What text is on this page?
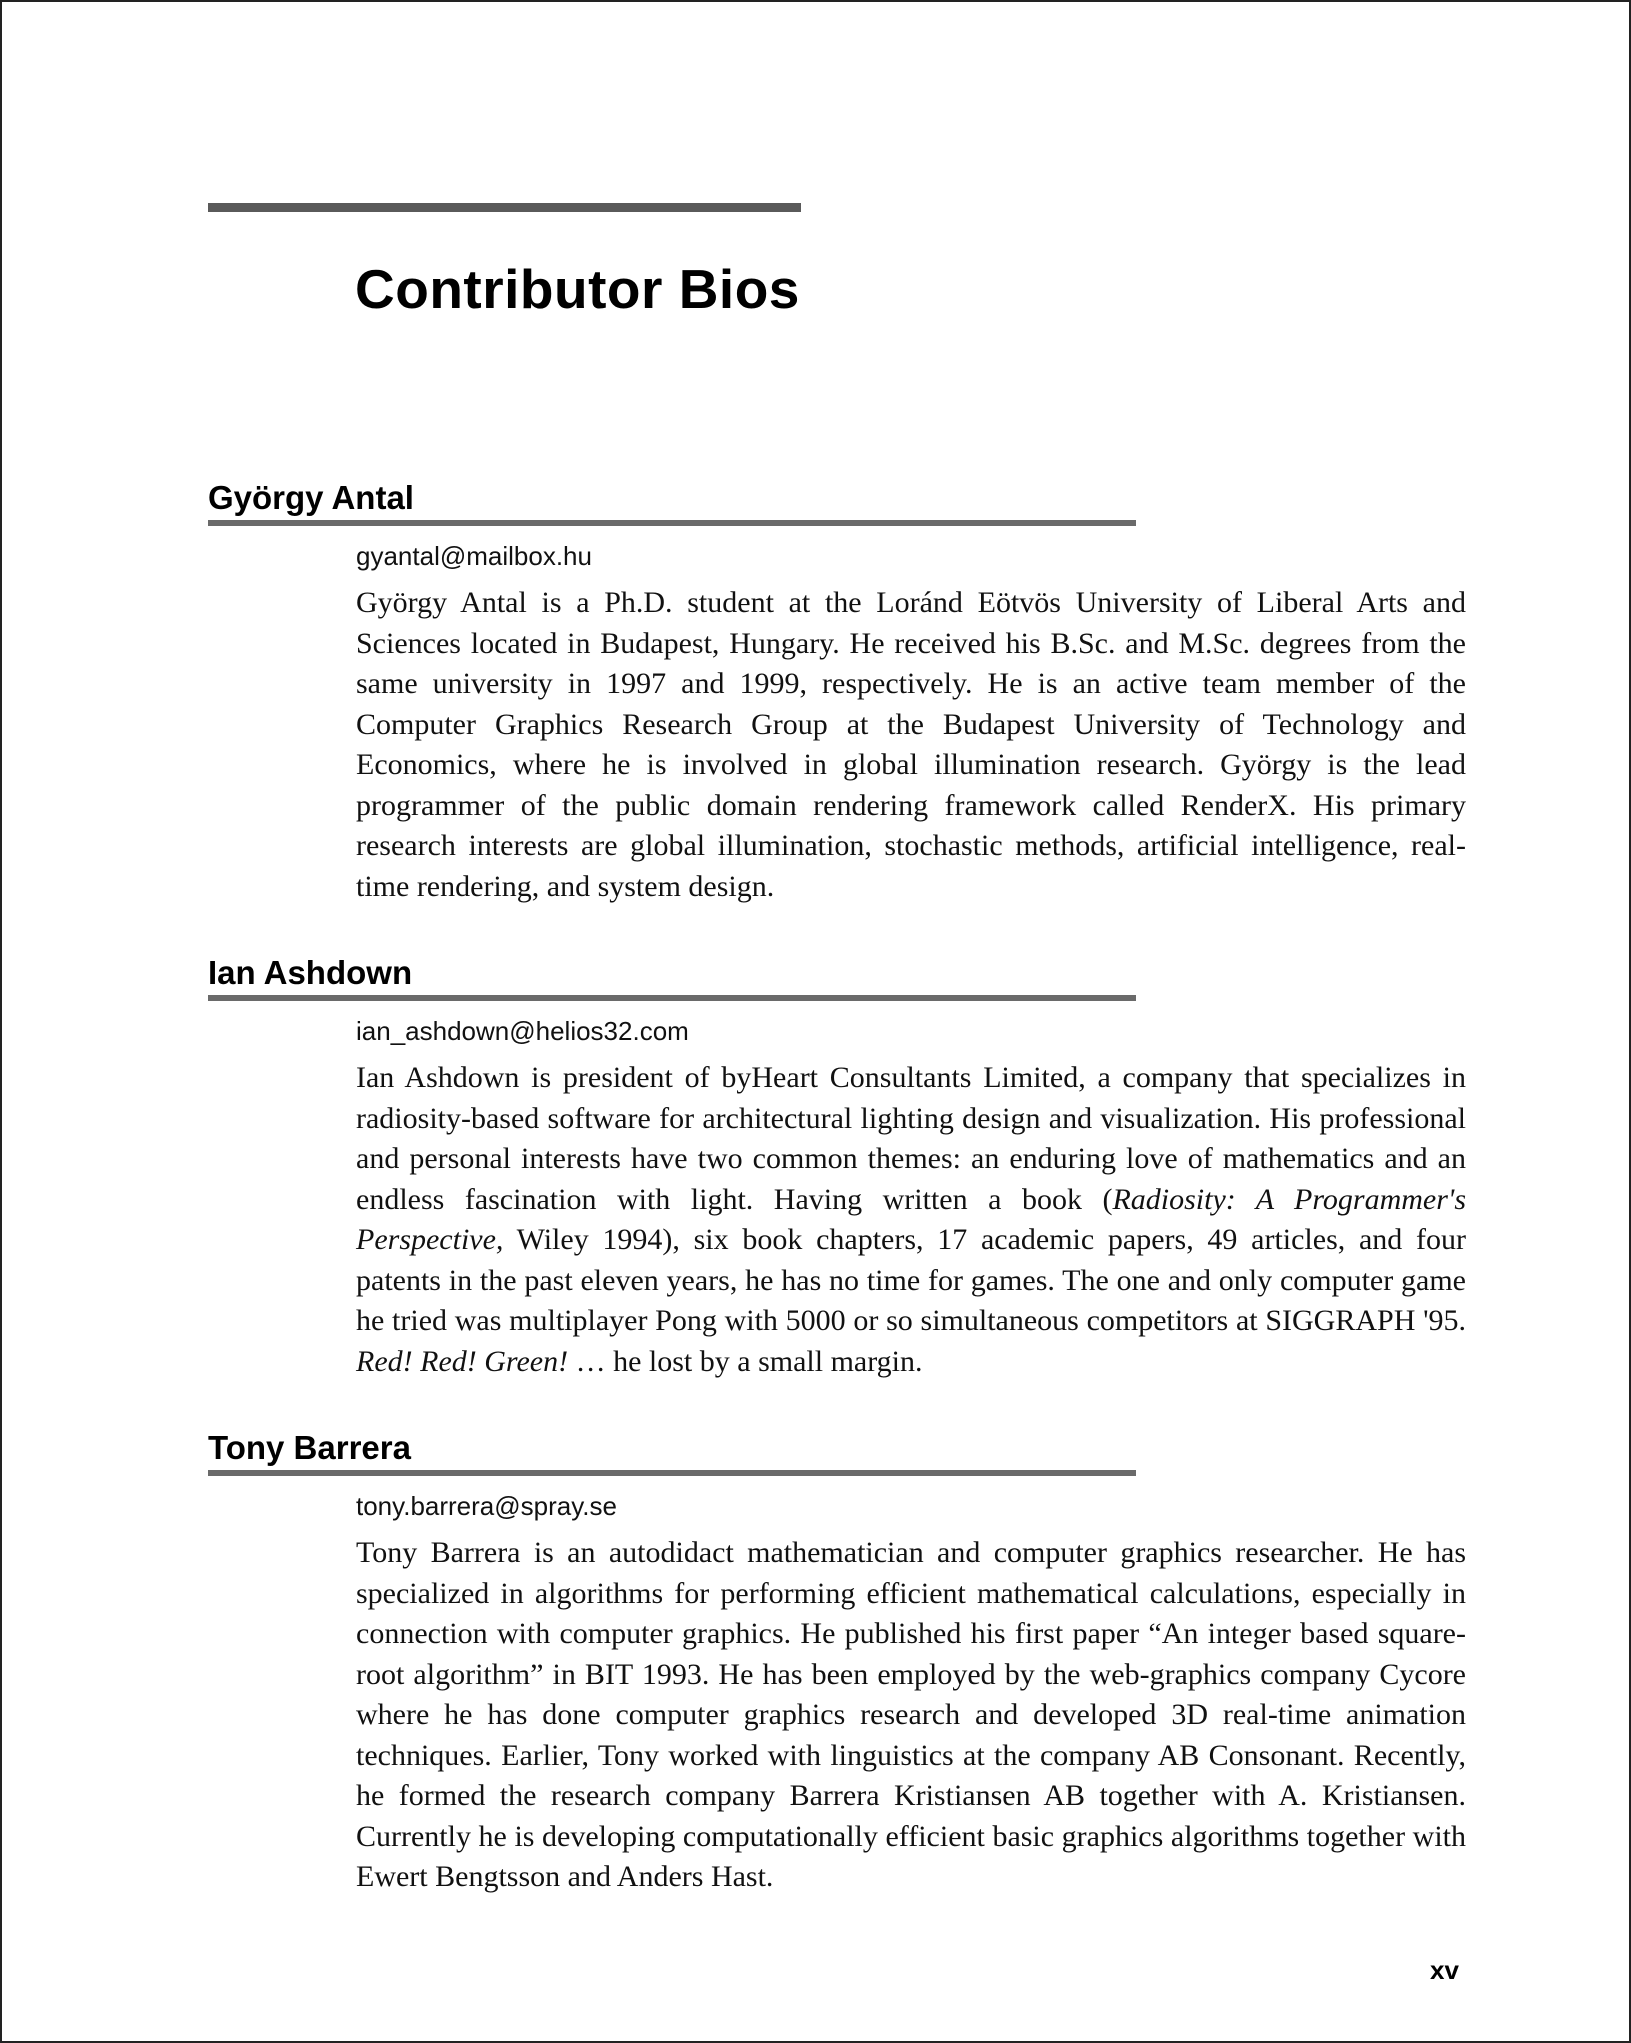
Contributor Bios
György Antal
gyantal@mailbox.hu

György Antal is a Ph.D. student at the Loránd Eötvös University of Liberal Arts and Sciences located in Budapest, Hungary. He received his B.Sc. and M.Sc. degrees from the same university in 1997 and 1999, respectively. He is an active team member of the Computer Graphics Research Group at the Budapest University of Technology and Economics, where he is involved in global illumination research. György is the lead programmer of the public domain rendering framework called RenderX. His primary research interests are global illumination, stochastic methods, artificial intelligence, real-time rendering, and system design.

Ian Ashdown
ian_ashdown@helios32.com

Ian Ashdown is president of byHeart Consultants Limited, a company that specializes in radiosity-based software for architectural lighting design and visualization. His professional and personal interests have two common themes: an enduring love of mathematics and an endless fascination with light. Having written a book (Radiosity: A Programmer's Perspective, Wiley 1994), six book chapters, 17 academic papers, 49 articles, and four patents in the past eleven years, he has no time for games. The one and only computer game he tried was multiplayer Pong with 5000 or so simultaneous competitors at SIGGRAPH '95. Red! Red! Green! … he lost by a small margin.

Tony Barrera
tony.barrera@spray.se

Tony Barrera is an autodidact mathematician and computer graphics researcher. He has specialized in algorithms for performing efficient mathematical calculations, especially in connection with computer graphics. He published his first paper “An integer based square-root algorithm” in BIT 1993. He has been employed by the web-graphics company Cycore where he has done computer graphics research and developed 3D real-time animation techniques. Earlier, Tony worked with linguistics at the company AB Consonant. Recently, he formed the research company Barrera Kristiansen AB together with A. Kristiansen. Currently he is developing computationally efficient basic graphics algorithms together with Ewert Bengtsson and Anders Hast.

xv
